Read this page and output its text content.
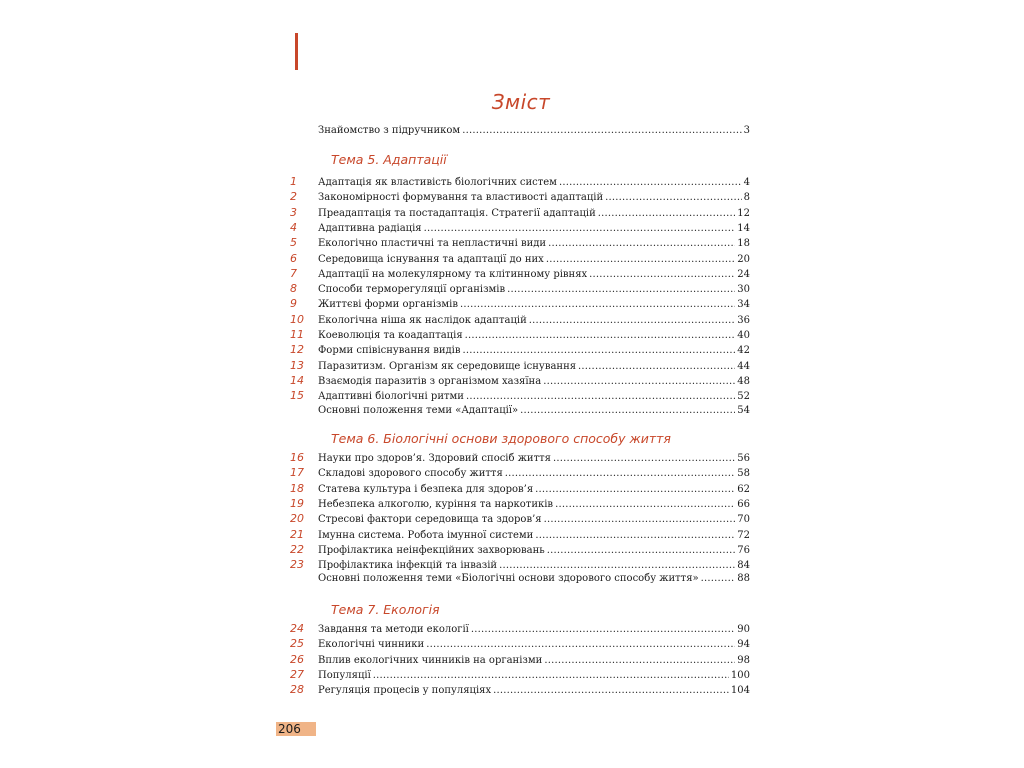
Зміст
Знайомство з підручником .....	3
Тема 5. Адаптації
1	Адаптація як властивість біологічних систем .....	4
2	Закономірності формування та властивості адаптацій .....	8
3	Преадаптація та постадаптація. Стратегії адаптацій .....	12
4	Адаптивна радіація .....	14
5	Екологічно пластичні та непластичні види .....	18
6	Середовища існування та адаптації до них .....	20
7	Адаптації на молекулярному та клітинному рівнях .....	24
8	Способи терморегуляції організмів .....	30
9	Життєві форми організмів .....	34
10	Екологічна ніша як наслідок адаптацій .....	36
11	Коеволюція та коадаптація .....	40
12	Форми співіснування видів .....	42
13	Паразитизм. Організм як середовище існування .....	44
14	Взаємодія паразитів з організмом хазяїна .....	48
15	Адаптивні біологічні ритми .....	52
Основні положення теми «Адаптації» .....	54
Тема 6. Біологічні основи здорового способу життя
16	Науки про здоров’я. Здоровий спосіб життя .....	56
17	Складові здорового способу життя .....	58
18	Статева культура і безпека для здоров’я .....	62
19	Небезпека алкоголю, куріння та наркотиків .....	66
20	Стресові фактори середовища та здоров’я .....	70
21	Імунна система. Робота імунної системи .....	72
22	Профілактика неінфекційних захворювань .....	76
23	Профілактика інфекцій та інвазій .....	84
Основні положення теми «Біологічні основи здорового способу життя» .....	88
Тема 7. Екологія
24	Завдання та методи екології .....	90
25	Екологічні чинники .....	94
26	Вплив екологічних чинників на організми .....	98
27	Популяції .....	100
28	Регуляція процесів у популяціях .....	104
206
